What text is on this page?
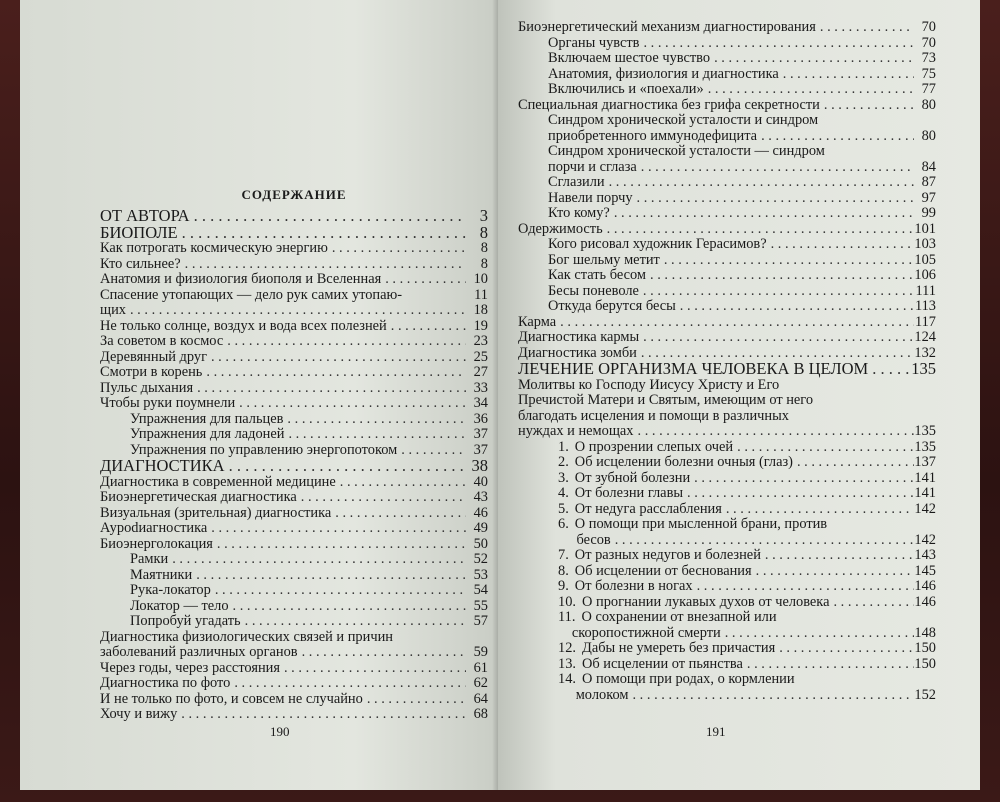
СОДЕРЖАНИЕ
ОТ АВТОРА . . .	3
БИОПОЛЕ . . .	8
Как потрогать космическую энергию . . .	8
Кто сильнее? . . .	8
Анатомия и физиология биополя и Вселенная . . .	10
Спасение утопающих — дело рук самих утопаю-	11
щих . . .	18
Не только солнце, воздух и вода всех полезней . . .	19
За советом в космос . . .	23
Деревянный друг . . .	25
Смотри в корень . . .	27
Пульс дыхания . . .	33
Чтобы руки поумнели . . .	34
Упражнения для пальцев . . .	36
Упражнения для ладоней . . .	37
Упражнения по управлению энергопотоком . . .	37
ДИАГНОСТИКА . . .	38
Диагностика в современной медицине . . .	40
Биоэнергетическая диагностика . . .	43
Визуальная (зрительная) диагностика . . .	46
Аурodиагностика . . .	49
Биоэнерголокация . . .	50
Рамки . . .	52
Маятники . . .	53
Рука-локатор . . .	54
Локатор — тело . . .	55
Попробуй угадать . . .	57
Диагностика физиологических связей и причин
заболеваний различных органов . . .	59
Через годы, через расстояния . . .	61
Диагностика по фото . . .	62
И не только по фото, и совсем не случайно . . .	64
Хочу и вижу . . .	68
190
Биоэнергетический механизм диагностирования . . .	70
Органы чувств . . .	70
Включаем шестое чувство . . .	73
Анатомия, физиология и диагностика . . .	75
Включились и «поехали» . . .	77
Специальная диагностика без грифа секретности . . .	80
Синдром хронической усталости и синдром
приобретенного иммунодефицита . . .	80
Синдром хронической усталости — синдром
порчи и сглаза . . .	84
Сглазили . . .	87
Навели порчу . . .	97
Кто кому? . . .	99
Одержимость . . .	101
Кого рисовал художник Герасимов? . . .	103
Бог шельму метит . . .	105
Как стать бесом . . .	106
Бесы поневоле . . .	111
Откуда берутся бесы . . .	113
Карма . . .	117
Диагностика кармы . . .	124
Диагностика зомби . . .	132
ЛЕЧЕНИЕ ОРГАНИЗМА ЧЕЛОВЕКА В ЦЕЛОМ . . .	135
Молитвы ко Господу Иисусу Христу и Его
Пречистой Матери и Святым, имеющим от него
благодать исцеления и помощи в различных
нуждах и немощах . . .	135
1. О прозрении слепых очей . . .	135
2. Об исцелении болезни очныя (глаз) . . .	137
3. От зубной болезни . . .	141
4. От болезни главы . . .	141
5. От недуга расслабления . . .	142
6. О помощи при мысленной брани, против
бесов . . .	142
7. От разных недугов и болезней . . .	143
8. Об исцелении от беснования . . .	145
9. От болезни в ногах . . .	146
10. О прогнании лукавых духов от человека . . .	146
11. О сохранении от внезапной или
скоропостижной смерти . . .	148
12. Дабы не умереть без причастия . . .	150
13. Об исцелении от пьянства . . .	150
14. О помощи при родах, о кормлении
молоком . . .	152
191
